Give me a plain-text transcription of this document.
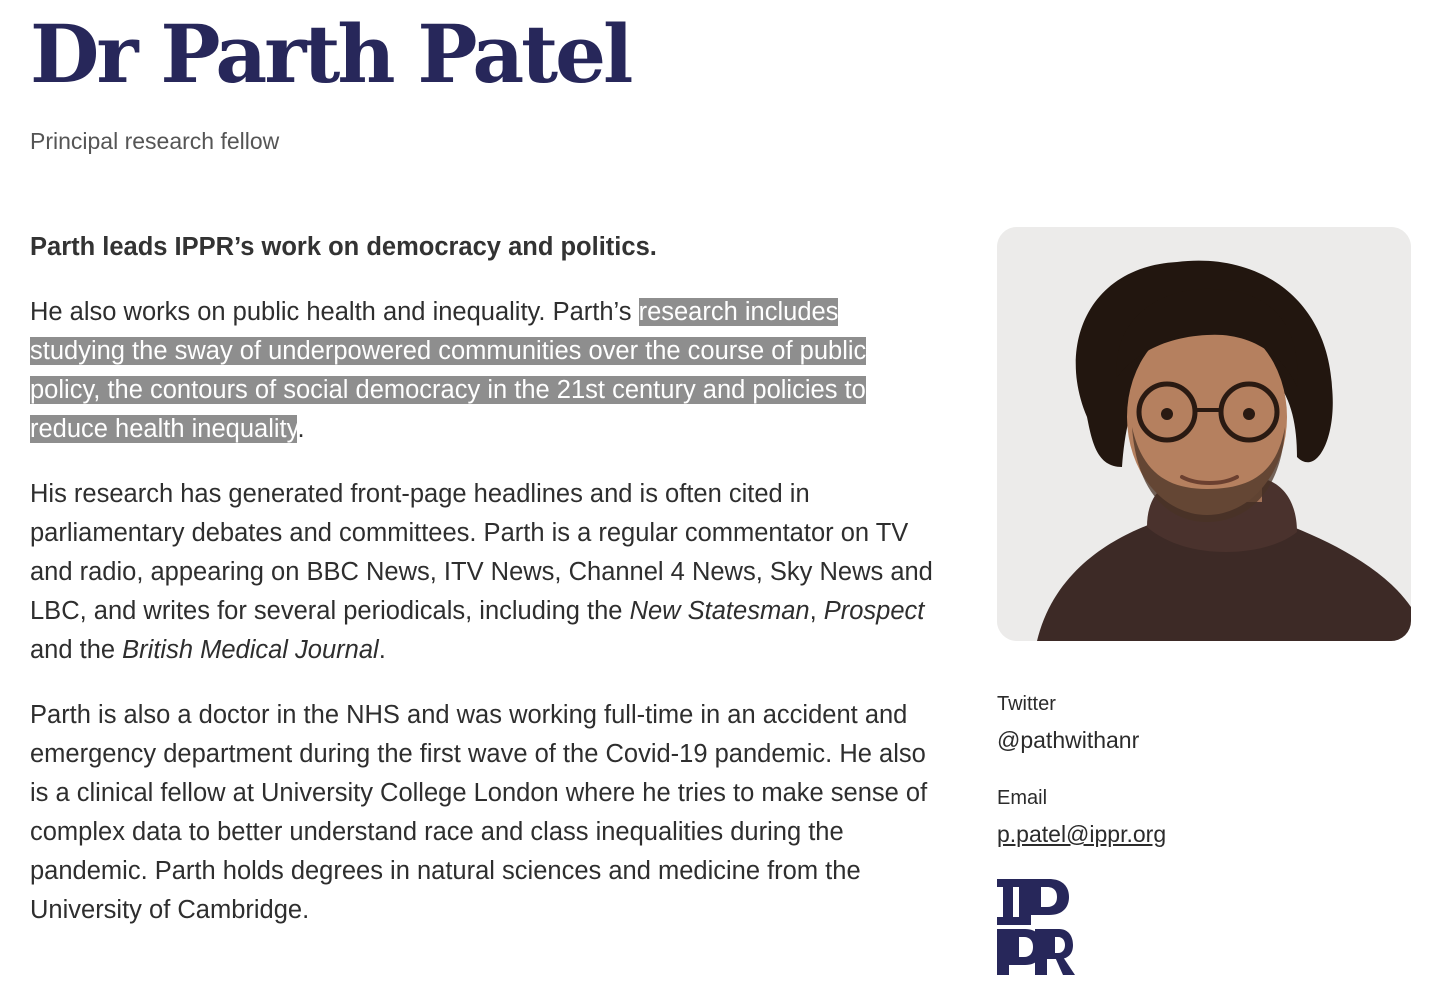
Dr Parth Patel

Principal research fellow

Parth leads IPPR’s work on democracy and politics.

He also works on public health and inequality. Parth’s research includes studying the sway of underpowered communities over the course of public policy, the contours of social democracy in the 21st century and policies to reduce health inequality.

His research has generated front-page headlines and is often cited in parliamentary debates and committees. Parth is a regular commentator on TV and radio, appearing on BBC News, ITV News, Channel 4 News, Sky News and LBC, and writes for several periodicals, including the New Statesman, Prospect and the British Medical Journal.

Parth is also a doctor in the NHS and was working full-time in an accident and emergency department during the first wave of the Covid-19 pandemic. He also is a clinical fellow at University College London where he tries to make sense of complex data to better understand race and class inequalities during the pandemic. Parth holds degrees in natural sciences and medicine from the University of Cambridge.

Twitter

@pathwithanr

Email

p.patel@ippr.org
